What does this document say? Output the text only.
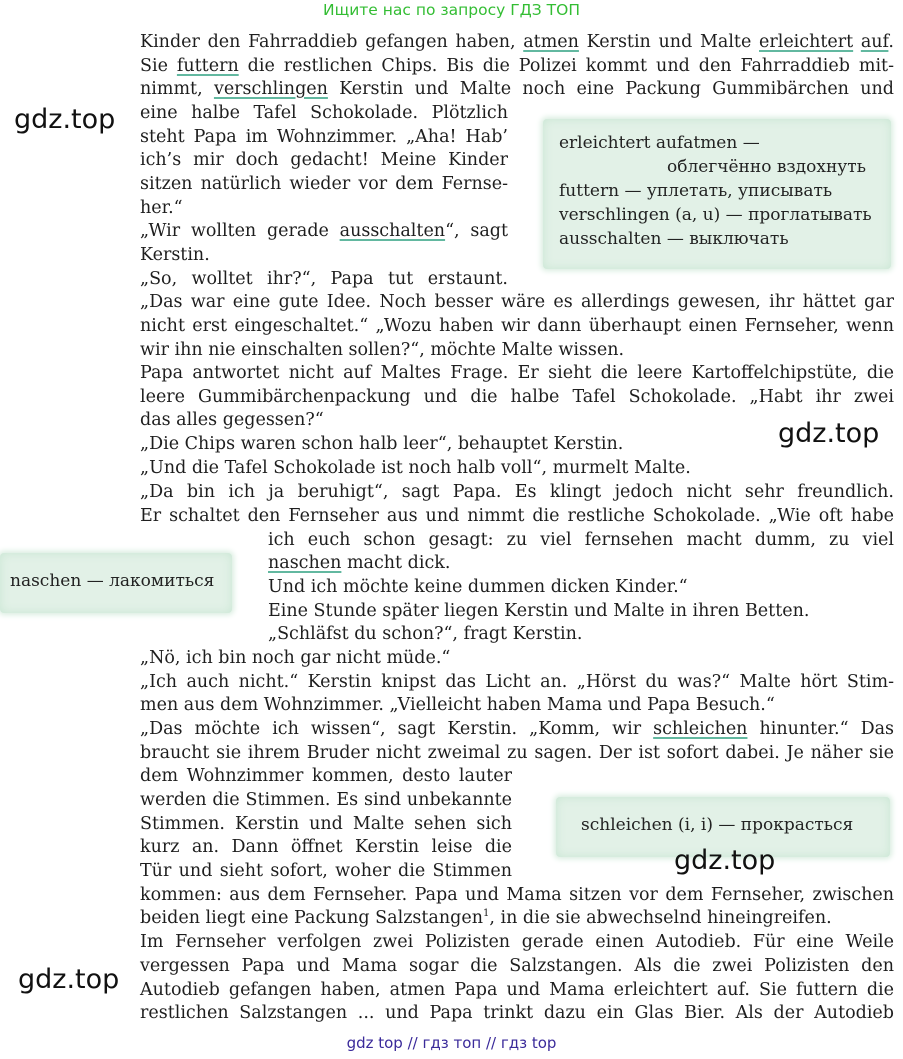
Ищите нас по запросу ГДЗ ТОП
Kinder den Fahrraddieb gefangen haben, atmen Kerstin und Malte erleichtert auf.
Sie futtern die restlichen Chips. Bis die Polizei kommt und den Fahrraddieb mit-
nimmt, verschlingen Kerstin und Malte noch eine Packung Gummibärchen und
eine halbe Tafel Schokolade. Plötzlich
steht Papa im Wohnzimmer. „Aha! Hab’
ich’s mir doch gedacht! Meine Kinder
sitzen natürlich wieder vor dem Fernse-
her.“
„Wir wollten gerade ausschalten“, sagt
Kerstin.
„So, wolltet ihr?“, Papa tut erstaunt.
„Das war eine gute Idee. Noch besser wäre es allerdings gewesen, ihr hättet gar
nicht erst eingeschaltet.“ „Wozu haben wir dann überhaupt einen Fernseher, wenn
wir ihn nie einschalten sollen?“, möchte Malte wissen.
Papa antwortet nicht auf Maltes Frage. Er sieht die leere Kartoffelchipstüte, die
leere Gummibärchenpackung und die halbe Tafel Schokolade. „Habt ihr zwei
das alles gegessen?“
„Die Chips waren schon halb leer“, behauptet Kerstin.
„Und die Tafel Schokolade ist noch halb voll“, murmelt Malte.
„Da bin ich ja beruhigt“, sagt Papa. Es klingt jedoch nicht sehr freundlich.
Er schaltet den Fernseher aus und nimmt die restliche Schokolade. „Wie oft habe
ich euch schon gesagt: zu viel fernsehen macht dumm, zu viel
naschen macht dick.
Und ich möchte keine dummen dicken Kinder.“
Eine Stunde später liegen Kerstin und Malte in ihren Betten.
„Schläfst du schon?“, fragt Kerstin.
„Nö, ich bin noch gar nicht müde.“
„Ich auch nicht.“ Kerstin knipst das Licht an. „Hörst du was?“ Malte hört Stim-
men aus dem Wohnzimmer. „Vielleicht haben Mama und Papa Besuch.“
„Das möchte ich wissen“, sagt Kerstin. „Komm, wir schleichen hinunter.“ Das
braucht sie ihrem Bruder nicht zweimal zu sagen. Der ist sofort dabei. Je näher sie
dem Wohnzimmer kommen, desto lauter
werden die Stimmen. Es sind unbekannte
Stimmen. Kerstin und Malte sehen sich
kurz an. Dann öffnet Kerstin leise die
Tür und sieht sofort, woher die Stimmen
kommen: aus dem Fernseher. Papa und Mama sitzen vor dem Fernseher, zwischen
beiden liegt eine Packung Salzstangen$^1$, in die sie abwechselnd hineingreifen.
Im Fernseher verfolgen zwei Polizisten gerade einen Autodieb. Für eine Weile
vergessen Papa und Mama sogar die Salzstangen. Als die zwei Polizisten den
Autodieb gefangen haben, atmen Papa und Mama erleichtert auf. Sie futtern die
restlichen Salzstangen ... und Papa trinkt dazu ein Glas Bier. Als der Autodieb
erleichtert aufatmen —
облегчённо вздохнуть
futtern — уплетать, уписывать
verschlingen (a, u) — проглатывать
ausschalten — выключать
naschen — лакомиться
schleichen (i, i) — прокрасться
gdz.top
gdz.top
gdz.top
gdz.top
gdz top // гдз топ // гдз top
